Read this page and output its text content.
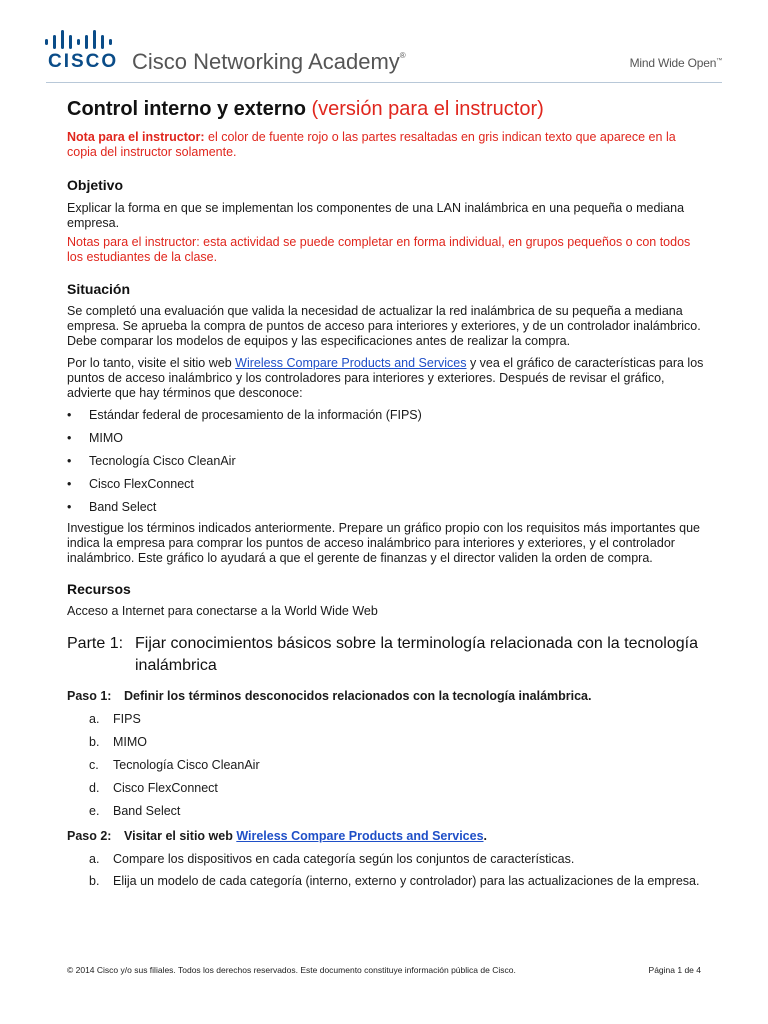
CISCO Cisco Networking Academy®
Mind Wide Open™
Control interno y externo (versión para el instructor)

Nota para el instructor: el color de fuente rojo o las partes resaltadas en gris indican texto que aparece en la copia del instructor solamente.

Objetivo

Explicar la forma en que se implementan los componentes de una LAN inalámbrica en una pequeña o mediana empresa.

Notas para el instructor: esta actividad se puede completar en forma individual, en grupos pequeños o con todos los estudiantes de la clase.

Situación

Se completó una evaluación que valida la necesidad de actualizar la red inalámbrica de su pequeña a mediana empresa. Se aprueba la compra de puntos de acceso para interiores y exteriores, y de un controlador inalámbrico. Debe comparar los modelos de equipos y las especificaciones antes de realizar la compra.

Por lo tanto, visite el sitio web Wireless Compare Products and Services y vea el gráfico de características para los puntos de acceso inalámbrico y los controladores para interiores y exteriores. Después de revisar el gráfico, advierte que hay términos que desconoce:

• Estándar federal de procesamiento de la información (FIPS)
• MIMO
• Tecnología Cisco CleanAir
• Cisco FlexConnect
• Band Select

Investigue los términos indicados anteriormente. Prepare un gráfico propio con los requisitos más importantes que indica la empresa para comprar los puntos de acceso inalámbrico para interiores y exteriores, y el controlador inalámbrico. Este gráfico lo ayudará a que el gerente de finanzas y el director validen la orden de compra.

Recursos

Acceso a Internet para conectarse a la World Wide Web

Parte 1: Fijar conocimientos básicos sobre la terminología relacionada con la tecnología inalámbrica
Paso 1:	Definir los términos desconocidos relacionados con la tecnología inalámbrica.
a. FIPS
b. MIMO
c. Tecnología Cisco CleanAir
d. Cisco FlexConnect
e. Band Select
Paso 2:	Visitar el sitio web Wireless Compare Products and Services.
a. Compare los dispositivos en cada categoría según los conjuntos de características.
b. Elija un modelo de cada categoría (interno, externo y controlador) para las actualizaciones de la empresa.
© 2014 Cisco y/o sus filiales. Todos los derechos reservados. Este documento constituye información pública de Cisco.	Página 1 de 4
